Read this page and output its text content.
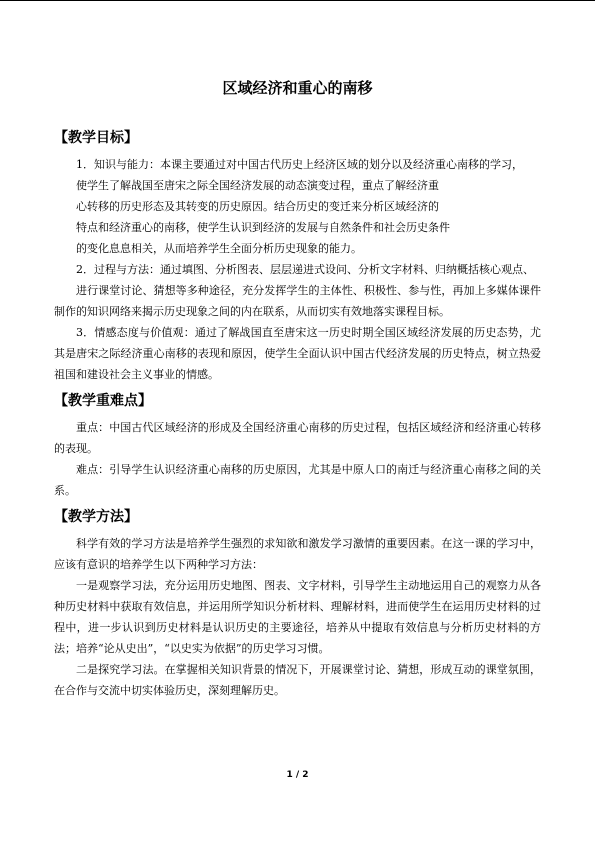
区域经济和重心的南移
【教学目标】

1．知识与能力：本课主要通过对中国古代历史上经济区域的划分以及经济重心南移的学习，

使学生了解战国至唐宋之际全国经济发展的动态演变过程，重点了解经济重

心转移的历史形态及其转变的历史原因。结合历史的变迁来分析区域经济的

特点和经济重心的南移，使学生认识到经济的发展与自然条件和社会历史条件

的变化息息相关，从而培养学生全面分析历史现象的能力。

2．过程与方法：通过填图、分析图表、层层递进式设问、分析文字材料、归纳概括核心观点、

进行课堂讨论、猜想等多种途径，充分发挥学生的主体性、积极性、参与性，再加上多媒体课件制作的知识网络来揭示历史现象之间的内在联系，从而切实有效地落实课程目标。

3．情感态度与价值观：通过了解战国直至唐宋这一历史时期全国区域经济发展的历史态势，尤其是唐宋之际经济重心南移的表现和原因，使学生全面认识中国古代经济发展的历史特点，树立热爱祖国和建设社会主义事业的情感。

【教学重难点】

重点：中国古代区域经济的形成及全国经济重心南移的历史过程，包括区域经济和经济重心转移的表现。

难点：引导学生认识经济重心南移的历史原因，尤其是中原人口的南迁与经济重心南移之间的关系。

【教学方法】

科学有效的学习方法是培养学生强烈的求知欲和激发学习激情的重要因素。在这一课的学习中，应该有意识的培养学生以下两种学习方法：

一是观察学习法，充分运用历史地图、图表、文字材料，引导学生主动地运用自己的观察力从各种历史材料中获取有效信息，并运用所学知识分析材料、理解材料，进而使学生在运用历史材料的过程中，进一步认识到历史材料是认识历史的主要途径，培养从中提取有效信息与分析历史材料的方法；培养“论从史出”，“以史实为依据”的历史学习习惯。

二是探究学习法。在掌握相关知识背景的情况下，开展课堂讨论、猜想，形成互动的课堂氛围，在合作与交流中切实体验历史，深刻理解历史。

1 / 2
